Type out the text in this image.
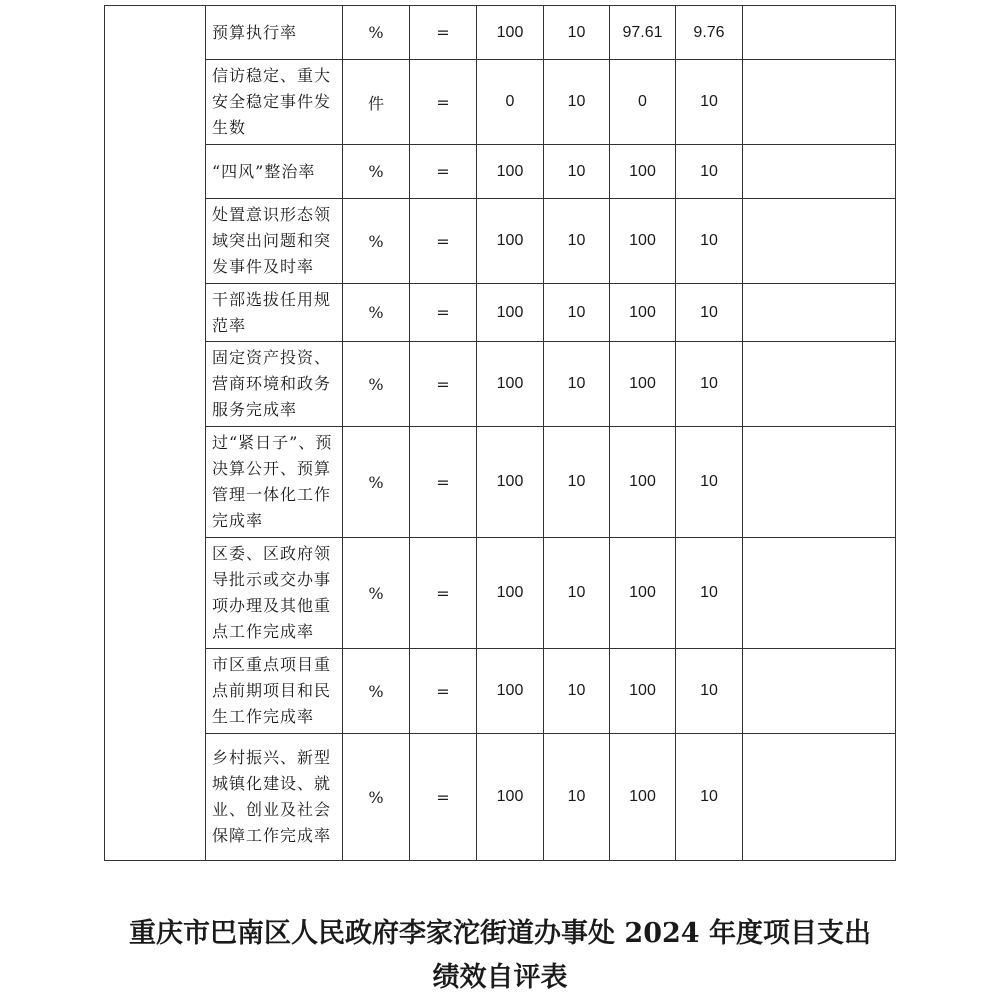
	预算执行率	%	=	100	10	97.61	9.76	
	信访稳定、重大安全稳定事件发生数	件	=	0	10	0	10	
	“四风”整治率	%	=	100	10	100	10	
	处置意识形态领域突出问题和突发事件及时率	%	=	100	10	100	10	
	干部选拔任用规范率	%	=	100	10	100	10	
	固定资产投资、营商环境和政务服务完成率	%	=	100	10	100	10	
	过“紧日子”、预决算公开、预算管理一体化工作完成率	%	=	100	10	100	10	
	区委、区政府领导批示或交办事项办理及其他重点工作完成率	%	=	100	10	100	10	
	市区重点项目重点前期项目和民生工作完成率	%	=	100	10	100	10	
	乡村振兴、新型城镇化建设、就业、创业及社会保障工作完成率	%	=	100	10	100	10	
重庆市巴南区人民政府李家沱街道办事处 2024 年度项目支出
绩效自评表
